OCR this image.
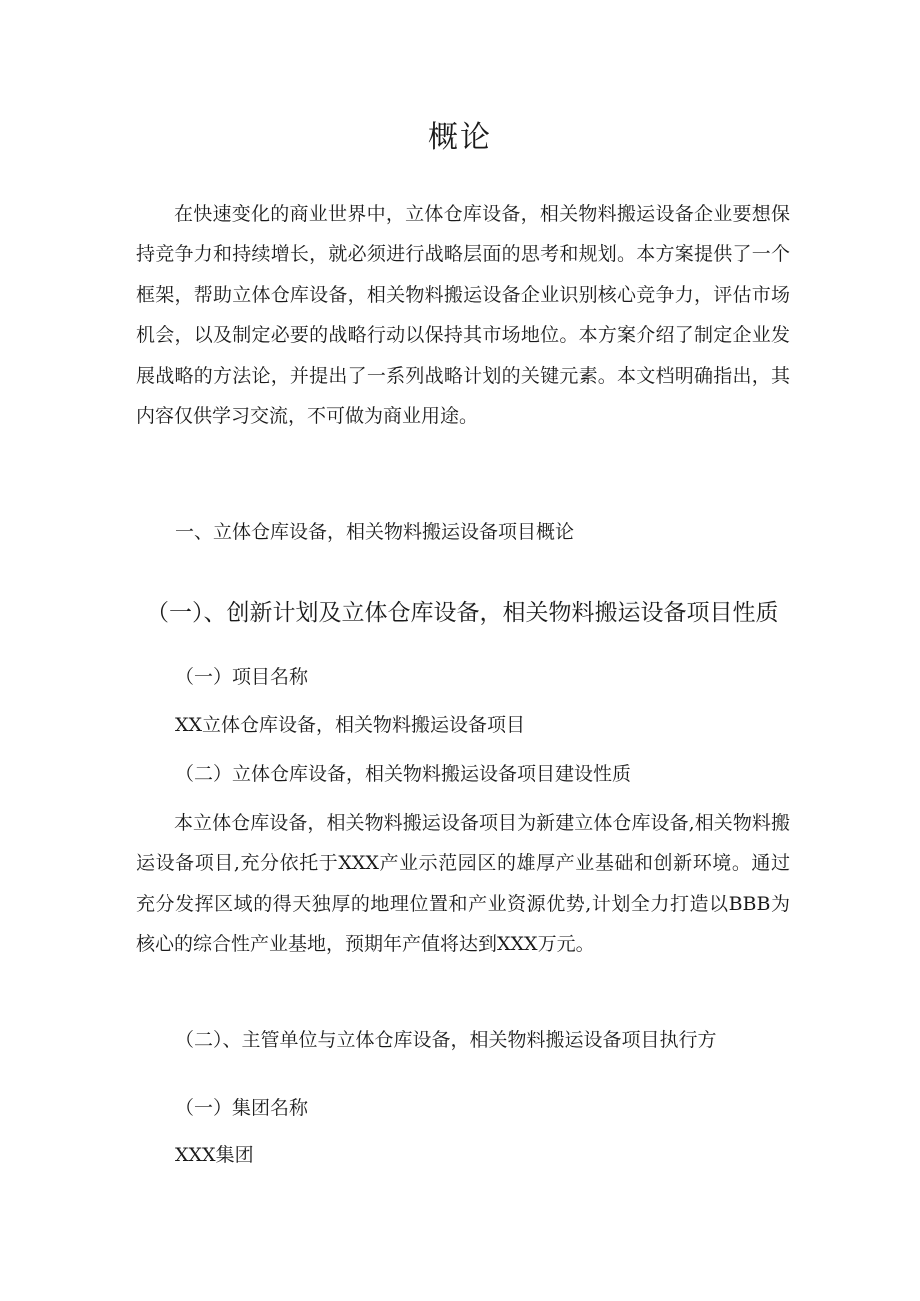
概论

在快速变化的商业世界中，立体仓库设备，相关物料搬运设备企业要想保持竞争力和持续增长，就必须进行战略层面的思考和规划。本方案提供了一个框架，帮助立体仓库设备，相关物料搬运设备企业识别核心竞争力，评估市场机会，以及制定必要的战略行动以保持其市场地位。本方案介绍了制定企业发展战略的方法论，并提出了一系列战略计划的关键元素。本文档明确指出，其内容仅供学习交流，不可做为商业用途。

一、立体仓库设备，相关物料搬运设备项目概论
（一）、创新计划及立体仓库设备，相关物料搬运设备项目性质
（一）项目名称
XX立体仓库设备，相关物料搬运设备项目
（二）立体仓库设备，相关物料搬运设备项目建设性质

本立体仓库设备，相关物料搬运设备项目为新建立体仓库设备,相关物料搬运设备项目,充分依托于XXX产业示范园区的雄厚产业基础和创新环境。通过充分发挥区域的得天独厚的地理位置和产业资源优势,计划全力打造以BBB为核心的综合性产业基地，预期年产值将达到XXX万元。

（二）、主管单位与立体仓库设备，相关物料搬运设备项目执行方
（一）集团名称
XXX集团
